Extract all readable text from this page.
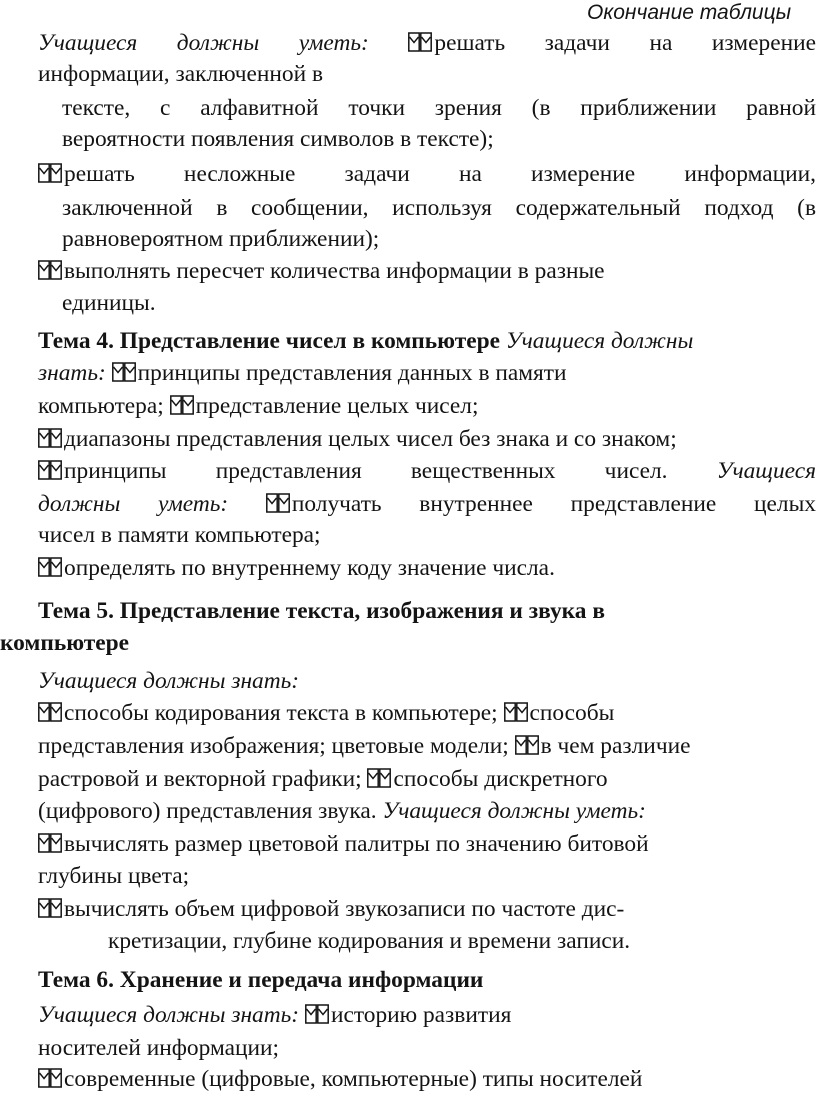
Окончание таблицы
Учащиеся должны уметь:	решать задачи на измерение
информации, заключенной в
тексте, с алфавитной точки зрения (в приближении равной
вероятности появления символов в тексте);
решать несложные задачи на измерение информации,
заключенной в сообщении, используя содержательный подход (в
равновероятном приближении);
выполнять пересчет количества информации в разные
единицы.
Тема 4. Представление чисел в компьютере Учащиеся должны
знать: принципы представления данных в памяти
компьютера; представление целых чисел;
диапазоны представления целых чисел без знака и со знаком;
принципы представления вещественных чисел. Учащиеся
должны уметь:	получать внутреннее представление целых
чисел в памяти компьютера;
определять по внутреннему коду значение числа.
Тема 5. Представление текста, изображения и звука в
компьютере
Учащиеся должны знать:
способы кодирования текста в компьютере; способы
представления изображения; цветовые модели; в чем различие
растровой и векторной графики; способы дискретного
(цифрового) представления звука. Учащиеся должны уметь:
вычислять размер цветовой палитры по значению битовой
глубины цвета;
вычислять объем цифровой звукозаписи по частоте дис-
кретизации, глубине кодирования и времени записи.
Тема 6. Хранение и передача информации
Учащиеся должны знать: историю развития
носителей информации;
современные (цифровые, компьютерные) типы носителей
